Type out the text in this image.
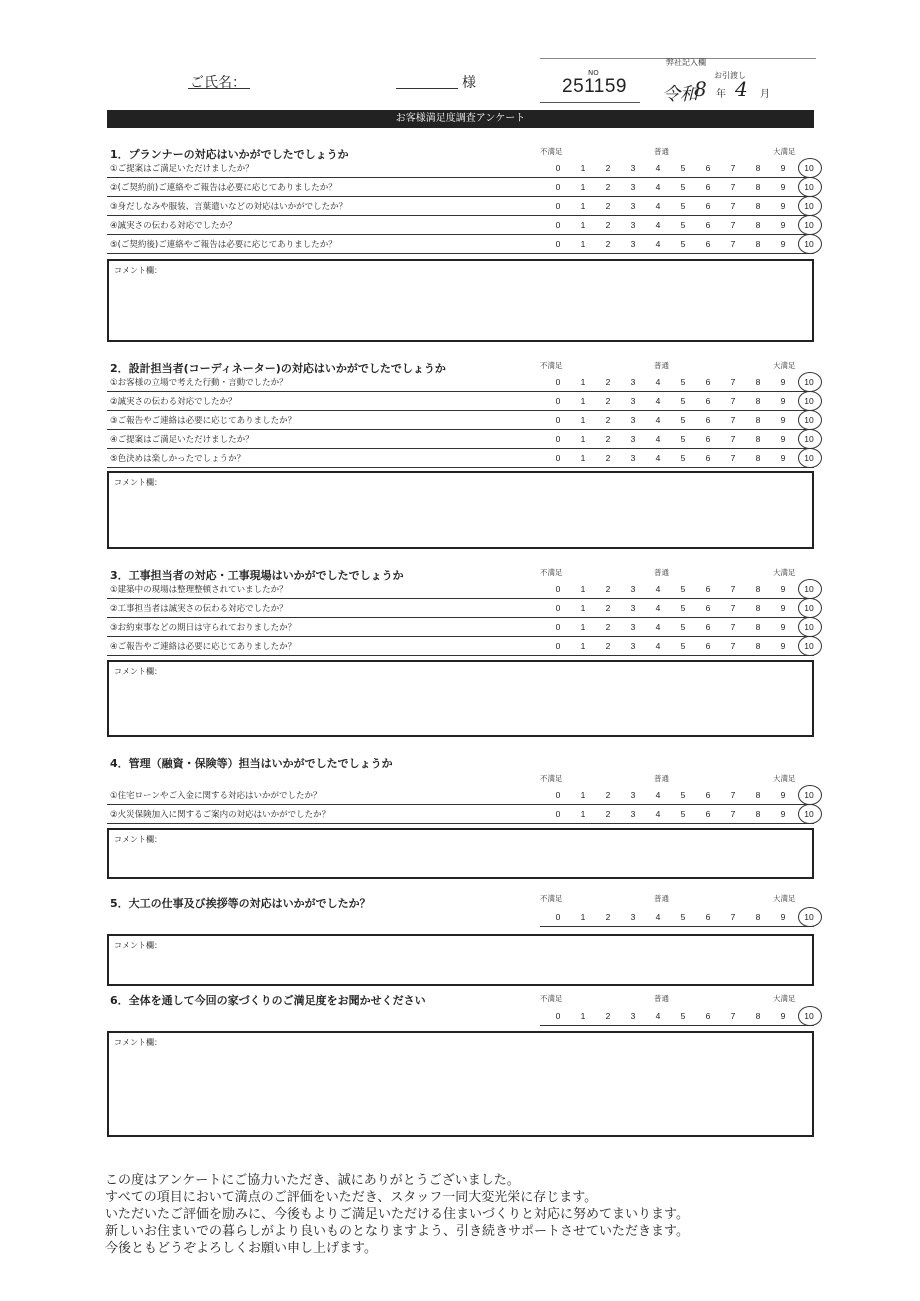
ご氏名：	様
弊社記入欄
NO
251159
お引渡し
令和
8 年 4 月
お客様満足度調査アンケート
1．プランナーの対応はいかがでしたでしょうか	不満足	普通	大満足
①ご提案はご満足いただけましたか？	0	1	2	3	4	5	6	7	8	9	10
②(ご契約前)ご連絡やご報告は必要に応じてありましたか？	0	1	2	3	4	5	6	7	8	9	10
③身だしなみや服装、言葉遣いなどの対応はいかがでしたか？	0	1	2	3	4	5	6	7	8	9	10
④誠実さの伝わる対応でしたか？	0	1	2	3	4	5	6	7	8	9	10
⑤(ご契約後)ご連絡やご報告は必要に応じてありましたか？	0	1	2	3	4	5	6	7	8	9	10
コメント欄：
2．設計担当者(コーディネーター)の対応はいかがでしたでしょうか	不満足	普通	大満足
①お客様の立場で考えた行動・言動でしたか？	0	1	2	3	4	5	6	7	8	9	10
②誠実さの伝わる対応でしたか？	0	1	2	3	4	5	6	7	8	9	10
③ご報告やご連絡は必要に応じてありましたか？	0	1	2	3	4	5	6	7	8	9	10
④ご提案はご満足いただけましたか？	0	1	2	3	4	5	6	7	8	9	10
⑤色決めは楽しかったでしょうか？	0	1	2	3	4	5	6	7	8	9	10
コメント欄：
3．工事担当者の対応・工事現場はいかがでしたでしょうか	不満足	普通	大満足
①建築中の現場は整理整頓されていましたか？	0	1	2	3	4	5	6	7	8	9	10
②工事担当者は誠実さの伝わる対応でしたか？	0	1	2	3	4	5	6	7	8	9	10
③お約束事などの期日は守られておりましたか？	0	1	2	3	4	5	6	7	8	9	10
④ご報告やご連絡は必要に応じてありましたか？	0	1	2	3	4	5	6	7	8	9	10
コメント欄：
4．管理（融資・保険等）担当はいかがでしたでしょうか
不満足	普通	大満足
①住宅ローンやご入金に関する対応はいかがでしたか？	0	1	2	3	4	5	6	7	8	9	10
②火災保険加入に関するご案内の対応はいかがでしたか？	0	1	2	3	4	5	6	7	8	9	10
コメント欄：
5．大工の仕事及び挨拶等の対応はいかがでしたか？	不満足	普通	大満足
0	1	2	3	4	5	6	7	8	9	10
コメント欄：
6．全体を通して今回の家づくりのご満足度をお聞かせください	不満足	普通	大満足
0	1	2	3	4	5	6	7	8	9	10
コメント欄：
この度はアンケートにご協力いただき、誠にありがとうございました。
すべての項目において満点のご評価をいただき、スタッフ一同大変光栄に存じます。
いただいたご評価を励みに、今後もよりご満足いただける住まいづくりと対応に努めてまいります。
新しいお住まいでの暮らしがより良いものとなりますよう、引き続きサポートさせていただきます。
今後ともどうぞよろしくお願い申し上げます。
